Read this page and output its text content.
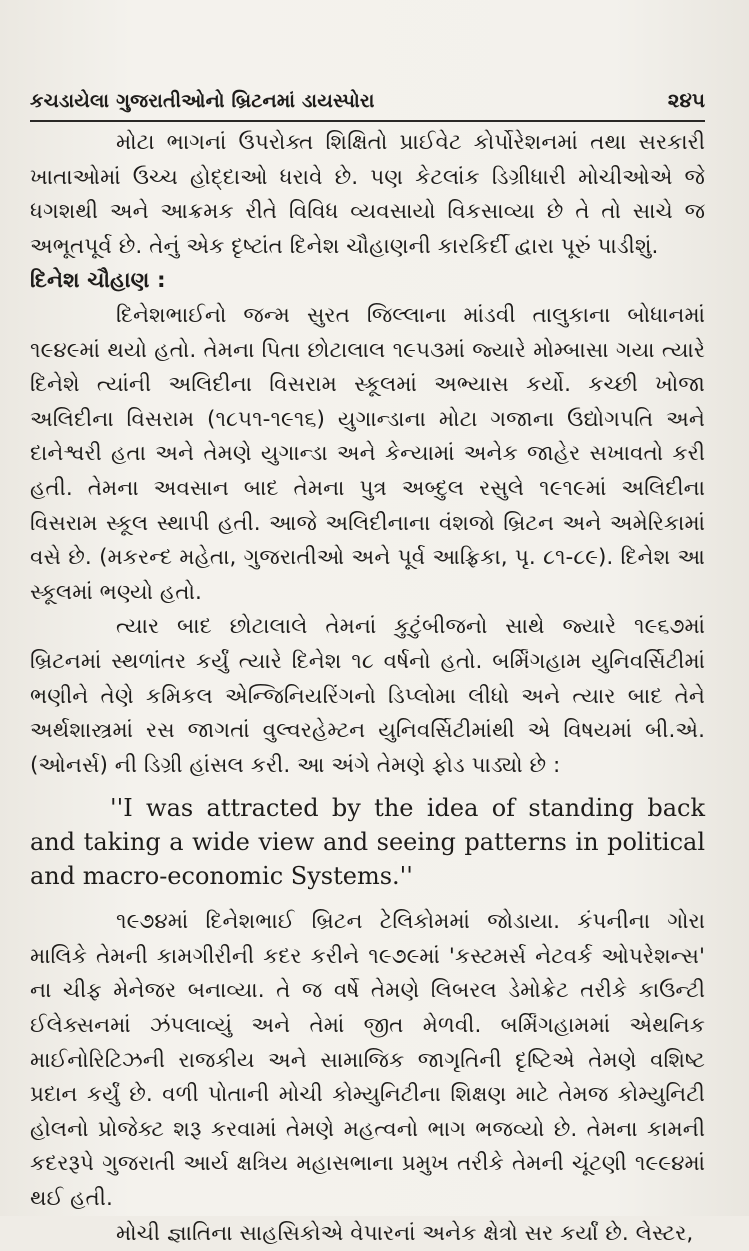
કચડાયેલા ગુજરાતીઓનો બ્રિટનમાં ડાયસ્પોરા	૨૪૫

મોટા ભાગનાં ઉપરોક્ત શિક્ષિતો પ્રાઈવેટ કોર્પોરેશનમાં તથા સરકારી ખાતાઓમાં ઉચ્ચ હોદ્દાઓ ધરાવે છે. પણ કેટલાંક ડિગ્રીધારી મોચીઓએ જે ધગશથી અને આક્રમક રીતે વિવિધ વ્યવસાયો વિકસાવ્યા છે તે તો સાચે જ અભૂતપૂર્વ છે. તેનું એક દૃષ્ટાંત દિનેશ ચૌહાણની કારકિર્દી દ્વારા પૂરું પાડીશું.

દિનેશ ચૌહાણ :

દિનેશભાઈનો જન્મ સુરત જિલ્લાના માંડવી તાલુકાના બોધાનમાં ૧૯૪૯માં થયો હતો. તેમના પિતા છોટાલાલ ૧૯૫૩માં જ્યારે મોમ્બાસા ગયા ત્યારે દિનેશે ત્યાંની અલિદીના વિસરામ સ્કૂલમાં અભ્યાસ કર્યો. કચ્છી ખોજા અલિદીના વિસરામ (૧૮૫૧-૧૯૧૬) યુગાન્ડાના મોટા ગજાના ઉદ્યોગપતિ અને દાનેશ્વરી હતા અને તેમણે યુગાન્ડા અને કેન્યામાં અનેક જાહેર સખાવતો કરી હતી. તેમના અવસાન બાદ તેમના પુત્ર અબ્દુલ રસુલે ૧૯૧૯માં અલિદીના વિસરામ સ્કૂલ સ્થાપી હતી. આજે અલિદીનાના વંશજો બ્રિટન અને અમેરિકામાં વસે છે. (મકરન્દ મહેતા, ગુજરાતીઓ અને પૂર્વ આફ્રિકા, પૃ. ૮૧-૮૯). દિનેશ આ સ્કૂલમાં ભણ્યો હતો.

ત્યાર બાદ છોટાલાલે તેમનાં કુટુંબીજનો સાથે જ્યારે ૧૯૬૭માં બ્રિટનમાં સ્થળાંતર કર્યું ત્યારે દિનેશ ૧૮ વર્ષનો હતો. બર્મિંગહામ યુનિવર્સિટીમાં ભણીને તેણે કમિકલ એન્જિનિયરિંગનો ડિપ્લોમા લીધો અને ત્યાર બાદ તેને અર્થશાસ્ત્રમાં રસ જાગતાં વુલ્વરહેમ્ટન યુનિવર્સિટીમાંથી એ વિષયમાં બી.એ. (ઓનર્સ) ની ડિગ્રી હાંસલ કરી. આ અંગે તેમણે ફોડ પાડ્યો છે :

''I was attracted by the idea of standing back and taking a wide view and seeing patterns in political and macro-economic Systems.''

૧૯૭૪માં દિનેશભાઈ બ્રિટન ટેલિકોમમાં જોડાયા. કંપનીના ગોરા માલિકે તેમની કામગીરીની કદર કરીને ૧૯૭૯માં 'કસ્ટમર્સ નેટવર્ક ઓપરેશન્સ' ના ચીફ મેનેજર બનાવ્યા. તે જ વર્ષે તેમણે લિબરલ ડેમોક્રેટ તરીકે કાઉન્ટી ઈલેક્સનમાં ઝંપલાવ્યું અને તેમાં જીત મેળવી. બર્મિંગહામમાં એથનિક માઈનોરિટિઝની રાજકીય અને સામાજિક જાગૃતિની દૃષ્ટિએ તેમણે વશિષ્ટ પ્રદાન કર્યું છે. વળી પોતાની મોચી કોમ્યુનિટીના શિક્ષણ માટે તેમજ કોમ્યુનિટી હોલનો પ્રોજેક્ટ શરૂ કરવામાં તેમણે મહત્વનો ભાગ ભજવ્યો છે. તેમના કામની કદરરૂપે ગુજરાતી આર્ય ક્ષત્રિય મહાસભાના પ્રમુખ તરીકે તેમની ચૂંટણી ૧૯૯૪માં થઈ હતી.

મોચી જ્ઞાતિના સાહસિકોએ વેપારનાં અનેક ક્ષેત્રો સર કર્યાં છે. લેસ્ટર,
